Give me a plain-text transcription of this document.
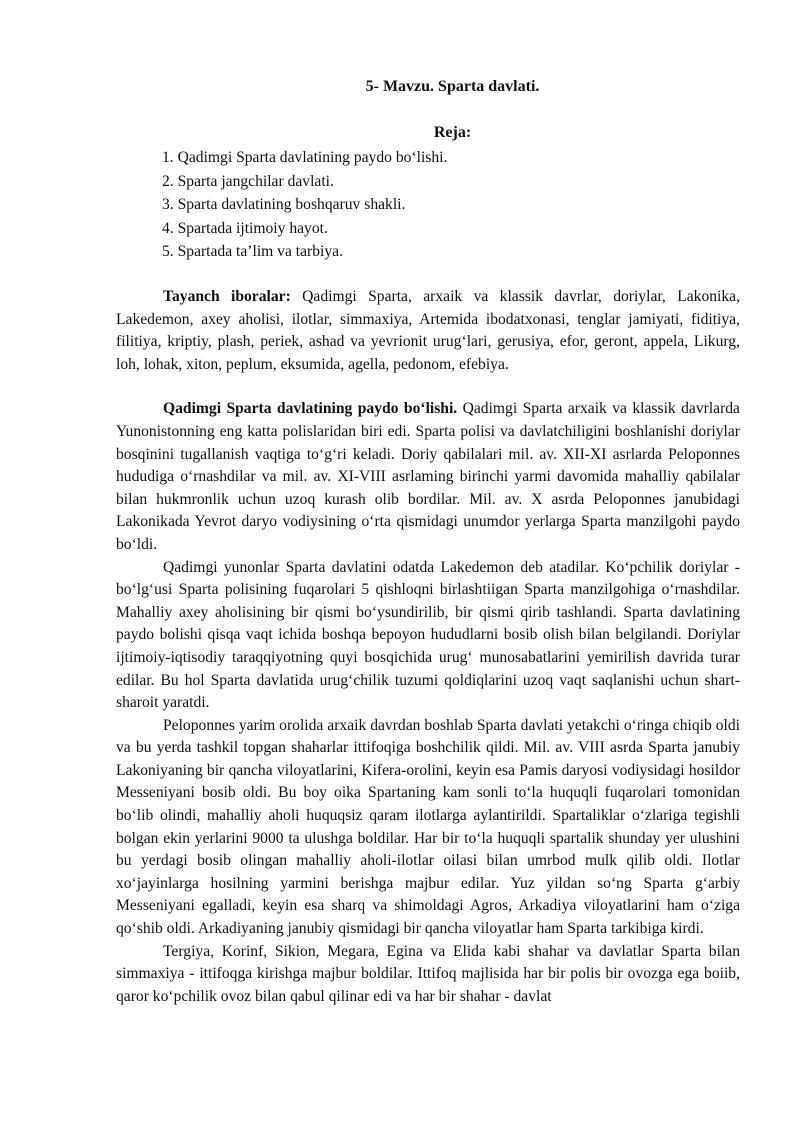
5- Mavzu. Sparta davlati.
Reja:
1. Qadimgi Sparta davlatining paydo bo‘lishi.
2. Sparta jangchilar davlati.
3. Sparta davlatining boshqaruv shakli.
4. Spartada ijtimoiy hayot.
5. Spartada ta’lim va tarbiya.

Tayanch iboralar: Qadimgi Sparta, arxaik va klassik davrlar, doriylar, Lakonika, Lakedemon, axey aholisi, ilotlar, simmaxiya, Artemida ibodatxonasi, tenglar jamiyati, fiditiya, filitiya, kriptiy, plash, periek, ashad va yevrionit urug‘lari, gerusiya, efor, geront, appela, Likurg, loh, lohak, xiton, peplum, eksumida, agella, pedonom, efebiya.

Qadimgi Sparta davlatining paydo bo‘lishi. Qadimgi Sparta arxaik va klassik davrlarda Yunonistonning eng katta polislaridan biri edi. Sparta polisi va davlatchiligini boshlanishi doriylar bosqinini tugallanish vaqtiga to‘g‘ri keladi. Doriy qabilalari mil. av. XII-XI asrlarda Peloponnes hududiga o‘rnashdilar va mil. av. XI-VIII asrlaming birinchi yarmi davomida mahalliy qabilalar bilan hukmronlik uchun uzoq kurash olib bordilar. Mil. av. X asrda Peloponnes janubidagi Lakonikada Yevrot daryo vodiysining o‘rta qismidagi unumdor yerlarga Sparta manzilgohi paydo bo‘ldi.

Qadimgi yunonlar Sparta davlatini odatda Lakedemon deb atadilar. Ko‘pchilik doriylar - bo‘lg‘usi Sparta polisining fuqarolari 5 qishloqni birlashtiigan Sparta manzilgohiga o‘rnashdilar. Mahalliy axey aholisining bir qismi bo‘ysundirilib, bir qismi qirib tashlandi. Sparta davlatining paydo bolishi qisqa vaqt ichida boshqa bepoyon hududlarni bosib olish bilan belgilandi. Doriylar ijtimoiy-iqtisodiy taraqqiyotning quyi bosqichida urug‘ munosabatlarini yemirilish davrida turar edilar. Bu hol Sparta davlatida urug‘chilik tuzumi qoldiqlarini uzoq vaqt saqlanishi uchun shart-sharoit yaratdi.

Peloponnes yarim orolida arxaik davrdan boshlab Sparta davlati yetakchi o‘ringa chiqib oldi va bu yerda tashkil topgan shaharlar ittifoqiga boshchilik qildi. Mil. av. VIII asrda Sparta janubiy Lakoniyaning bir qancha viloyatlarini, Kifera-orolini, keyin esa Pamis daryosi vodiysidagi hosildor Messeniyani bosib oldi. Bu boy oika Spartaning kam sonli to‘la huquqli fuqarolari tomonidan bo‘lib olindi, mahalliy aholi huquqsiz qaram ilotlarga aylantirildi. Spartaliklar o‘zlariga tegishli bolgan ekin yerlarini 9000 ta ulushga boldilar. Har bir to‘la huquqli spartalik shunday yer ulushini bu yerdagi bosib olingan mahalliy aholi-ilotlar oilasi bilan umrbod mulk qilib oldi. Ilotlar xo‘jayinlarga hosilning yarmini berishga majbur edilar. Yuz yildan so‘ng Sparta g‘arbiy Messeniyani egalladi, keyin esa sharq va shimoldagi Agros, Arkadiya viloyatlarini ham o‘ziga qo‘shib oldi. Arkadiyaning janubiy qismidagi bir qancha viloyatlar ham Sparta tarkibiga kirdi.

Tergiya, Korinf, Sikion, Megara, Egina va Elida kabi shahar va davlatlar Sparta bilan simmaxiya - ittifoqga kirishga majbur boldilar. Ittifoq majlisida har bir polis bir ovozga ega boiib, qaror ko‘pchilik ovoz bilan qabul qilinar edi va har bir shahar - davlat
